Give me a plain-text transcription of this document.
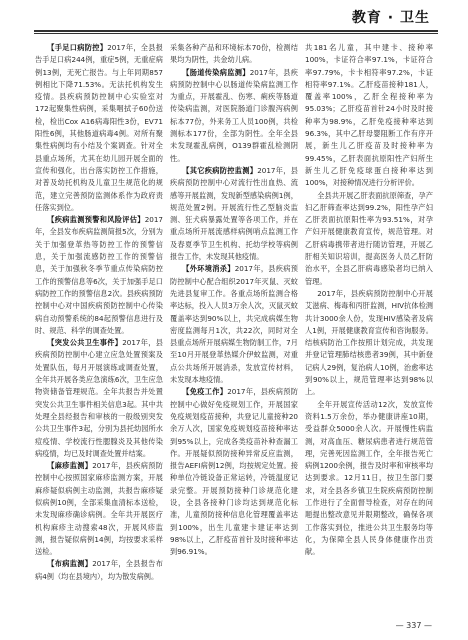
教育 · 卫生

【手足口病防控】2017年，全县报告手足口病244例，重症5例，无重症病例13例，无死亡报告。与上年同期857例相比下降71.53%。无法托机构发生疫情。县疾病预防控制中心实验室对172起聚集性病例，采集咽拭子60份送检，检出Cox A16病毒阳性3份，EV71阳性6例，其他肠道病毒4例。对所有聚集性病例均有小结及个案调查。针对全县重点场所，尤其在幼儿园开展全面的宣传和强化，出台落实防控工作措施，对普及幼托机构及儿童卫生规范化的规范，建立完善预防监测体系作为政府责任落实到位。

【疾病监测预警和风险评估】2017年，全县发布疾病监测简报5次，分别为关于加强登革热等防控工作的预警信息，关于加强流感防控工作的预警信息，关于加强秋冬季节重点传染病防控工作的预警信息等6次，关于加强手足口病防控工作的预警信息2次。县疾病预防控制中心对中国疾病预防控制中心传染病自动预警系统的84起预警信息进行及时、规范、科学的调查处置。

【突发公共卫生事件】2017年，县疾病预防控制中心建立应急处置预案及处置队伍，每月开展演练或调查处置，全年共开展各类应急演练6次，卫生应急物资储备管理规范。全年共报告并处置突发公共卫生事件相关信息3起。其中共处理全县经报告和审核的一般级别突发公共卫生事件3起，分别为县托幼园所水痘疫情、学校流行性腮腺炎及其他传染病疫情，均已及时调查处置并结案。

【麻疹监测】2017年，县疾病预防控制中心按照国家麻疹监测方案，开展麻疹疑似病例主动监测，共报告麻疹疑似病例10例，全部采集血清标本送检，未发现麻疹确诊病例。全年共开展医疗机构麻疹主动搜索48次，开展风疹监测，报告疑似病例14例，均按要求采样送检。

【布病监测】2017年，全县报告布病4例（均在县境内），均为散发病例。

采集各种产品和环境标本70份，检测结果均为阴性，共金幼儿病。

【肠道传染病监测】2017年，县疾病预防控制中心以肠道传染病监测工作为重点，开展霍乱、伤寒、痢疾等肠道传染病监测，对医院肠道门诊腹泻病例标本77份，外来务工人员100例，共检测标本177份，全部为阴性。全年全县未发现霍乱病例，O139群霍乱检测阴性。

【其它疾病防控监测】2017年，县疾病预防控制中心对流行性出血热、流感等开展监测，发现新型感染病例1例，规范处置2例。开展流行性乙型脑炎监测、狂犬病暴露处置等各项工作，并在重点场所开展流感样病例哨点监测工作及春夏季节卫生机构、托幼学校等病例报告工作，未发现其他疫情。

【外环境消杀】2017年，县疾病预防控制中心配合组织2017年灭鼠、灭蚊先进县复审工作。各重点场所监测合格率达标，投入人员3万余人次，灭鼠灭蚊覆盖率达到90%以上，共完成病媒生物密度监测每月1次，共22次，同时对全县重点场所开展病媒生物防制工作，7月至10月开展登革热媒介伊蚊监测，对重点公共场所开展消杀，发放宣传材料，未发现本地疫情。

【免疫工作】2017年，县疾病预防控制中心做好免疫规划工作，开展国家免疫规划疫苗接种，共登记儿童接种20余万人次，国家免疫规划疫苗接种率达到95%以上，完成各类疫苗补种查漏工作。开展疑似预防接种异常反应监测，报告AEFI病例12例，均按规定处置。接种单位冷链设备正常运转，冷链温度记录完整。开展预防接种门诊规范化建设，全县各接种门诊均达到规范化标准，儿童预防接种信息化管理覆盖率达到100%，出生儿童建卡建证率达到98%以上，乙肝疫苗首针及时接种率达到96.91%。

共181名儿童，其中建卡、接种率100%，卡证符合率97.1%，卡证符合率97.79%，卡卡相符率97.2%，卡证相符率97.1%。乙肝疫苗接种181人，覆盖率100%，乙肝全程接种率为95.03%；乙肝疫苗首针24小时及时接种率为98.9%，乙肝免疫接种率达到96.3%，其中乙肝母婴阻断工作有序开展，新生儿乙肝疫苗及时接种率为99.45%，乙肝表面抗原阳性产妇所生新生儿乙肝免疫球蛋白接种率达到100%，对接种情况进行分析评价。

全县共开展乙肝表面抗原筛查，孕产妇乙肝筛查率达到99.2%，阳性孕产妇乙肝表面抗原阳性率为93.51%，对孕产妇开展健康教育宣传，规范管理。对乙肝病毒携带者进行随访管理，开展乙肝相关知识培训，提高医务人员乙肝防治水平，全县乙肝病毒感染者均已纳入管理。

2017年，县疾病预防控制中心开展艾滋病、梅毒和丙肝监测，HIV抗体检测共计3000余人份，发现HIV感染者及病人1例，开展健康教育宣传和咨询服务。结核病防治工作按照计划完成，共发现并登记管理肺结核患者39例，其中新登记病人29例，复治病人10例，治愈率达到90%以上，规范管理率达到98%以上。

全年开展宣传活动12次，发放宣传资料1.5万余份，举办健康讲座10期，受益群众5000余人次。开展慢性病监测，对高血压、糖尿病患者进行规范管理，完善死因监测工作，全年报告死亡病例1200余例，报告及时率和审核率均达到要求。12月11日，按卫生部门要求，对全县各乡镇卫生院疾病预防控制工作进行了全面督导检查，对存在的问题提出整改意见并限期整改，确保各项工作落实到位，推进公共卫生服务均等化，为保障全县人民身体健康作出贡献。

— 337 —
